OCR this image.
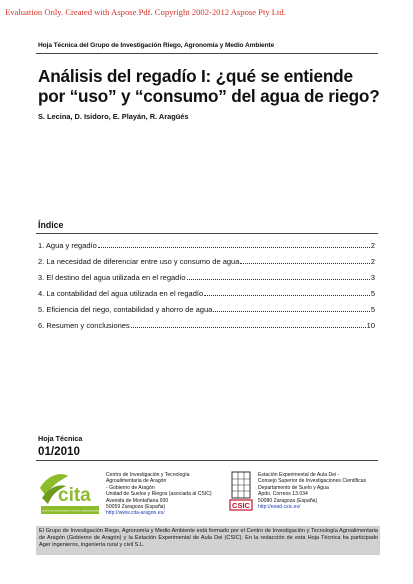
Evaluation Only. Created with Aspose.Pdf. Copyright 2002-2012 Aspose Pty Ltd.
Hoja Técnica del Grupo de Investigación Riego, Agronomía y Medio Ambiente
Análisis del regadío I: ¿qué se entiende por “uso” y “consumo” del agua de riego?
S. Lecina, D. Isidoro, E. Playán, R. Aragüés
Índice
1. Agua y regadío	2
2. La necesidad de diferenciar entre uso y consumo de agua	2
3. El destino del agua utilizada en el regadío	3
4. La contabilidad del agua utilizada en el regadío	5
5. Eficiencia del riego, contabilidad y ahorro de agua	5
6. Resumen y conclusiones	10
Hoja Técnica
01/2010
cita
CENTRO DE INVESTIGACIÓN Y TECNOLOGÍA AGROALIMENTARIA DE ARAGÓN
Centro de Investigación y Tecnología
Agroalimentaria de Aragón
- Gobierno de Aragón
Unidad de Suelos y Riegos (asociada al CSIC)
Avenida de Montañana 930
50059 Zaragoza (España)
http://www.cita-aragon.es/
CSIC
Estación Experimental de Aula Dei -
Consejo Superior de Investigaciones Científicas
Departamento de Suelo y Agua
Apdo. Correos 13.034
50080 Zaragoza (España)
http://eead.csic.es/

El Grupo de Investigación Riego, Agronomía y Medio Ambiente está formado por el Centro de Investigación y Tecnología Agroalimentaria de Aragón (Gobierno de Aragón) y la Estación Experimental de Aula Dei (CSIC). En la redacción de esta Hoja Técnica ha participado Ager ingenieros, ingeniería rural y civil S.L.
